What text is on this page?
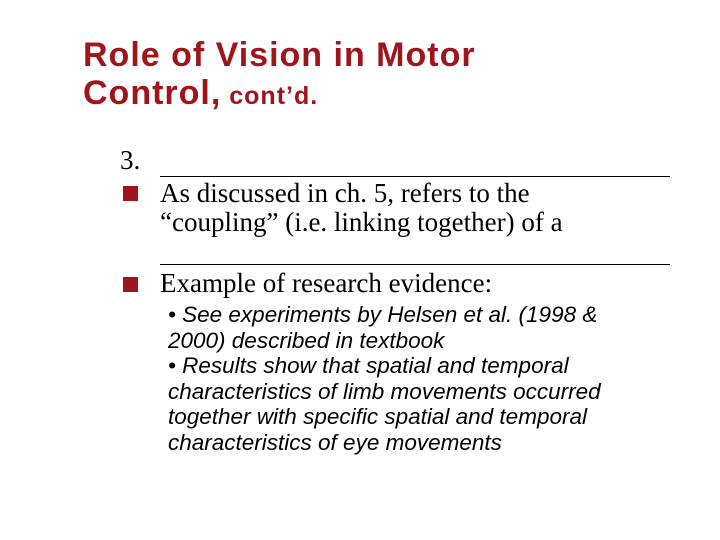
Role of Vision in Motor
Control, cont’d.
3.
As discussed in ch. 5, refers to the
“coupling” (i.e. linking together) of a
Example of research evidence:
• See experiments by Helsen et al. (1998 &
2000) described in textbook
• Results show that spatial and temporal
characteristics of limb movements occurred
together with specific spatial and temporal
characteristics of eye movements
